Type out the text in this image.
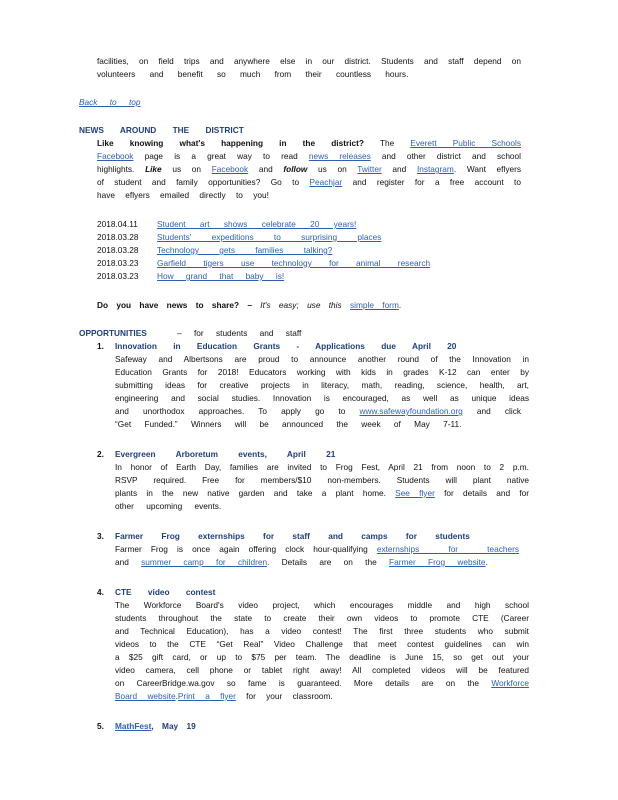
facilities, on field trips and anywhere else in our district. Students and staff depend on
volunteers and benefit so much from their countless hours.
Back to top
NEWS AROUND THE DISTRICT
Like knowing what's happening in the district? The Everett Public Schools
Facebook page is a great way to read news releases and other district and school
highlights. Like us on Facebook and follow us on Twitter and Instagram. Want eflyers
of student and family opportunities? Go to Peachjar and register for a free account to
have eflyers emailed directly to you!
2018.04.11 Student art shows celebrate 20 years!
2018.03.28 Students' expeditions to surprising places
2018.03.28 Technology gets families talking?
2018.03.23 Garfield tigers use technology for animal research
2018.03.23 How grand that baby is!
Do you have news to share? – It's easy; use this simple form.
OPPORTUNITIES	– for students and staff
1. Innovation in Education Grants - Applications due April 20
Safeway and Albertsons are proud to announce another round of the Innovation in
Education Grants for 2018! Educators working with kids in grades K-12 can enter by
submitting ideas for creative projects in literacy, math, reading, science, health, art,
engineering and social studies. Innovation is encouraged, as well as unique ideas
and unorthodox approaches. To apply go to www.safewayfoundation.org and click
“Get Funded.” Winners will be announced the week of May 7-11.
2. Evergreen Arboretum events, April 21
In honor of Earth Day, families are invited to Frog Fest, April 21 from noon to 2 p.m.
RSVP required. Free for members/$10 non-members. Students will plant native
plants in the new native garden and take a plant home. See flyer for details and for
other upcoming events.
3. Farmer Frog externships for staff and camps for students
Farmer Frog is once again offering clock hour-qualifying externships for teachers
and summer camp for children. Details are on the Farmer Frog website.
4. CTE video contest
The Workforce Board's video project, which encourages middle and high school
students throughout the state to create their own videos to promote CTE (Career
and Technical Education), has a video contest! The first three students who submit
videos to the CTE “Get Real” Video Challenge that meet contest guidelines can win
a $25 gift card, or up to $75 per team. The deadline is June 15, so get out your
video camera, cell phone or tablet right away! All completed videos will be featured
on CareerBridge.wa.gov so fame is guaranteed. More details are on the Workforce
Board website.Print a flyer for your classroom.
5. MathFest, May 19
